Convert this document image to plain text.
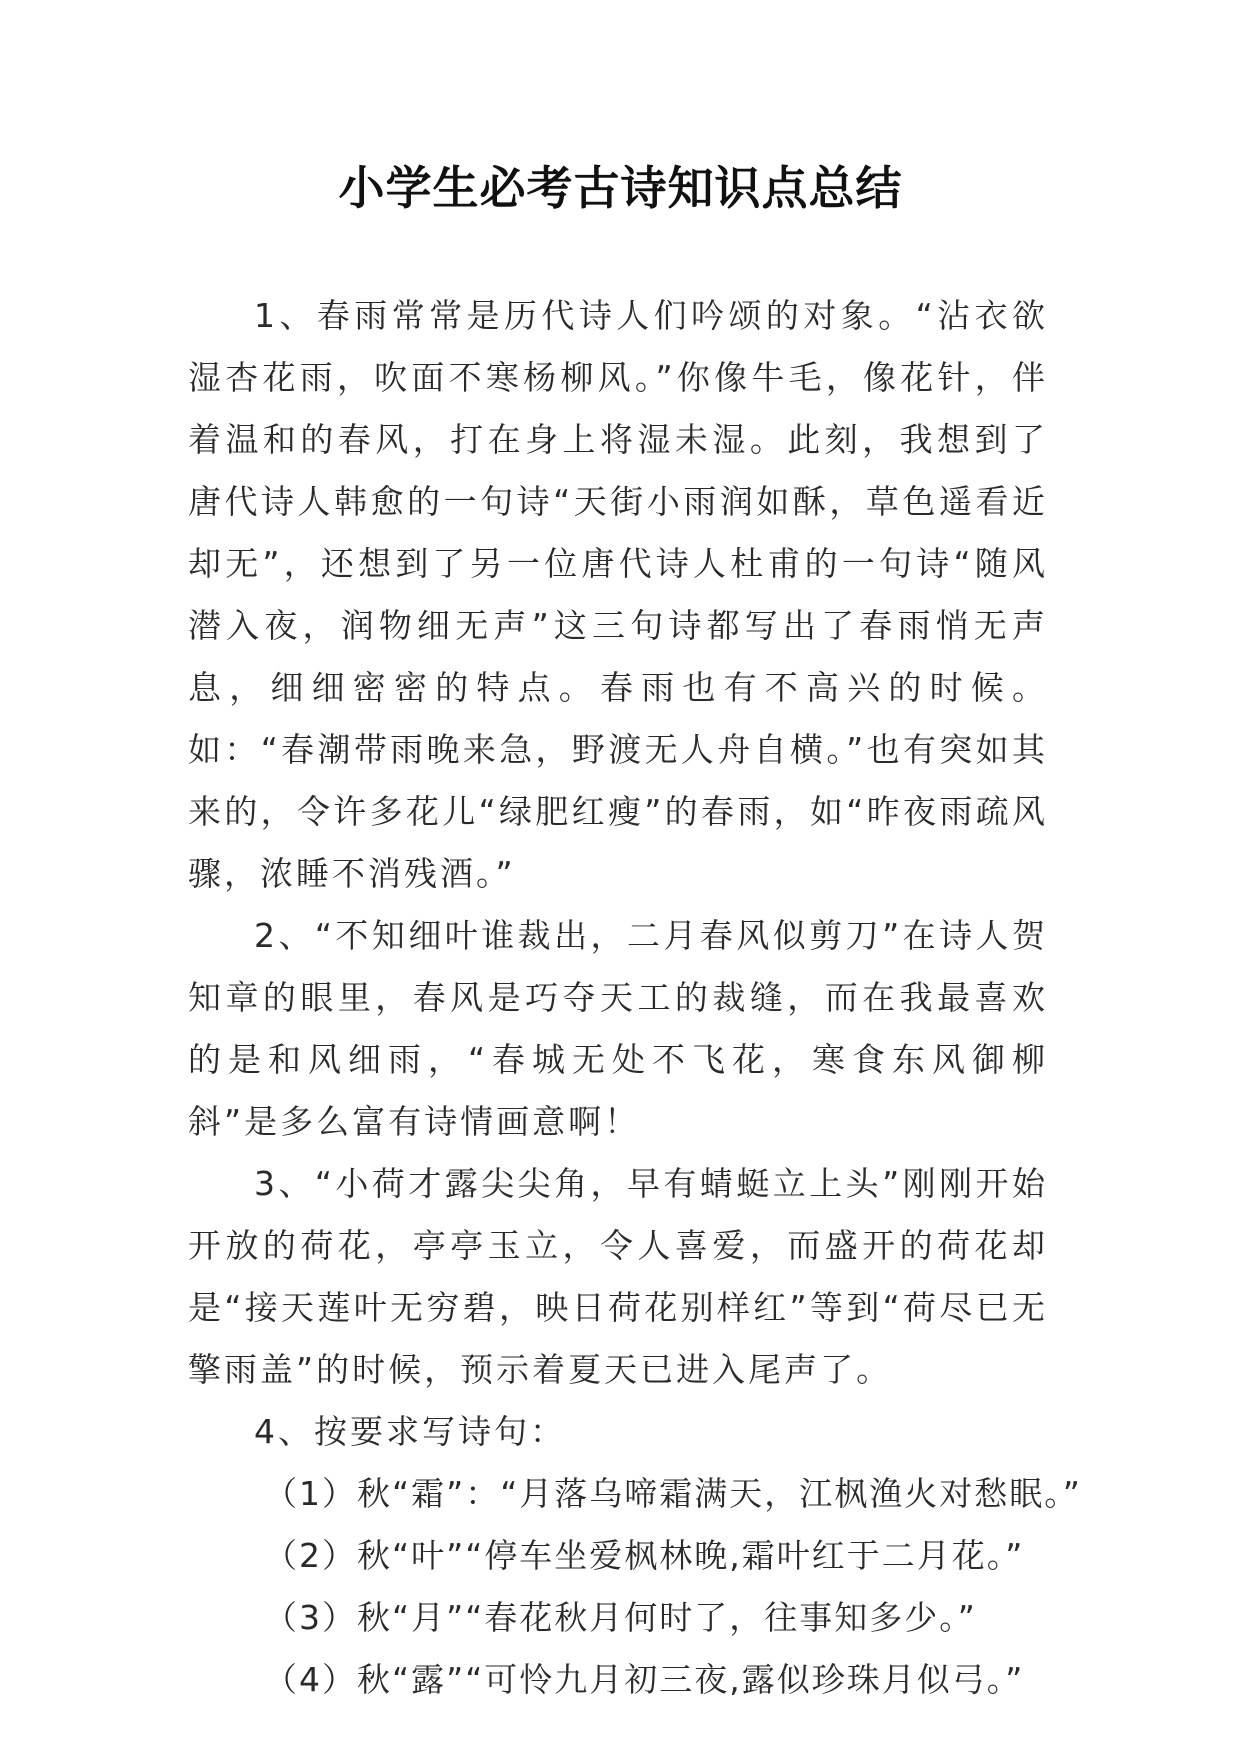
小学生必考古诗知识点总结

1、春雨常常是历代诗人们吟颂的对象。“沾衣欲湿杏花雨，吹面不寒杨柳风。”你像牛毛，像花针，伴着温和的春风，打在身上将湿未湿。此刻，我想到了唐代诗人韩愈的一句诗“天街小雨润如酥，草色遥看近却无”，还想到了另一位唐代诗人杜甫的一句诗“随风潜入夜，润物细无声”这三句诗都写出了春雨悄无声息，细细密密的特点。春雨也有不高兴的时候。如：“春潮带雨晚来急，野渡无人舟自横。”也有突如其来的，令许多花儿“绿肥红瘦”的春雨，如“昨夜雨疏风骤，浓睡不消残酒。”

2、“不知细叶谁裁出，二月春风似剪刀”在诗人贺知章的眼里，春风是巧夺天工的裁缝，而在我最喜欢的是和风细雨，“春城无处不飞花，寒食东风御柳斜”是多么富有诗情画意啊！

3、“小荷才露尖尖角，早有蜻蜓立上头”刚刚开始开放的荷花，亭亭玉立，令人喜爱，而盛开的荷花却是“接天莲叶无穷碧，映日荷花别样红”等到“荷尽已无擎雨盖”的时候，预示着夏天已进入尾声了。

4、按要求写诗句：

（1）秋“霜”：“月落乌啼霜满天，江枫渔火对愁眠。”

（2）秋“叶”“停车坐爱枫林晚,霜叶红于二月花。”

（3）秋“月”“春花秋月何时了，往事知多少。”

（4）秋“露”“可怜九月初三夜,露似珍珠月似弓。”
